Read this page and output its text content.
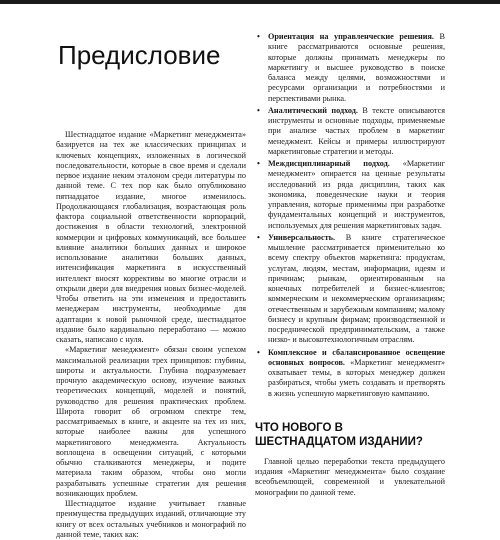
Предисловие

Шестнадцатое издание «Маркетинг менеджмента» базируется на тех же классических принципах и ключевых концепциях, изложенных в логической последовательности, которые в свое время и сделали первое издание неким эталоном среди литературы по данной теме. С тех пор как было опубликовано пятнадцатое издание, многое изменилось. Продолжающаяся глобализация, возрастающая роль фактора социальной ответственности корпораций, достижения в области технологий, электронной коммерции и цифровых коммуникаций, все большее влияние аналитики больших данных и широкое использование аналитики больших данных, интенсификация маркетинга в искусственный интеллект вносят коррективы во многие отрасли и открыли двери для внедрения новых бизнес-моделей. Чтобы ответить на эти изменения и предоставить менеджерам инструменты, необходимые для адаптации к новой рыночной среде, шестнадцатое издание было кардинально переработано — можно сказать, написано с нуля.

«Маркетинг менеджмент» обязан своим успехом максимальной реализации трех принципов: глубины, широты и актуальности. Глубина подразумевает прочную академическую основу, изучение важных теоретических концепций, моделей и понятий, руководство для решения практических проблем. Широта говорит об огромном спектре тем, рассматриваемых в книге, и акценте на тех из них, которые наиболее важны для успешного маркетингового менеджмента. Актуальность воплощена в освещении ситуаций, с которыми обычно сталкиваются менеджеры, и подите материала таким образом, чтобы оно могли разрабатывать успешные стратегии для решения возникающих проблем.

Шестнадцатое издание учитывает главные преимущества предыдущих изданий, отличающие эту книгу от всех остальных учебников и монографий по данной теме, таких как:

• Ориентация на управленческие решения. В книге рассматриваются основные решения, которые должны принимать менеджеры по маркетингу и высшее руководство в поиске баланса между целями, возможностями и ресурсами организации и потребностями и перспективами рынка.
• Аналитический подход. В тексте описываются инструменты и основные подходы, применяемые при анализе частых проблем в маркетинг менеджмент. Кейсы и примеры иллюстрируют маркетинговые стратегии и методы.
• Междисциплинарный подход. «Маркетинг менеджмент» опирается на ценные результаты исследований из ряда дисциплин, таких как экономика, поведенческие науки и теория управления, которые применимы при разработке фундаментальных концепций и инструментов, используемых для решения маркетинговых задач.
• Универсальность. В книге стратегическое мышление рассматривается применительно ко всему спектру объектов маркетинга: продуктам, услугам, людям, местам, информации, идеям и причинам; рынкам, ориентированным на конечных потребителей и бизнес-клиентов; коммерческим и некоммерческим организациям; отечественным и зарубежным компаниям; малому бизнесу и крупным фирмам; производственной и посреднической предпринимательским, а также низко- и высокотехнологичным отраслям.
• Комплексное и сбалансированное освещение основных вопросов. «Маркетинг менеджмент» охватывает темы, в которых менеджер должен разбираться, чтобы уметь создавать и претворять в жизнь успешную маркетинговую кампанию.
ЧТО НОВОГО В ШЕСТНАДЦАТОМ ИЗДАНИИ?

Главной целью переработки текста предыдущего издания «Маркетинг менеджмента» было создание всеобъемлющей, современной и увлекательной монографии по данной теме.
